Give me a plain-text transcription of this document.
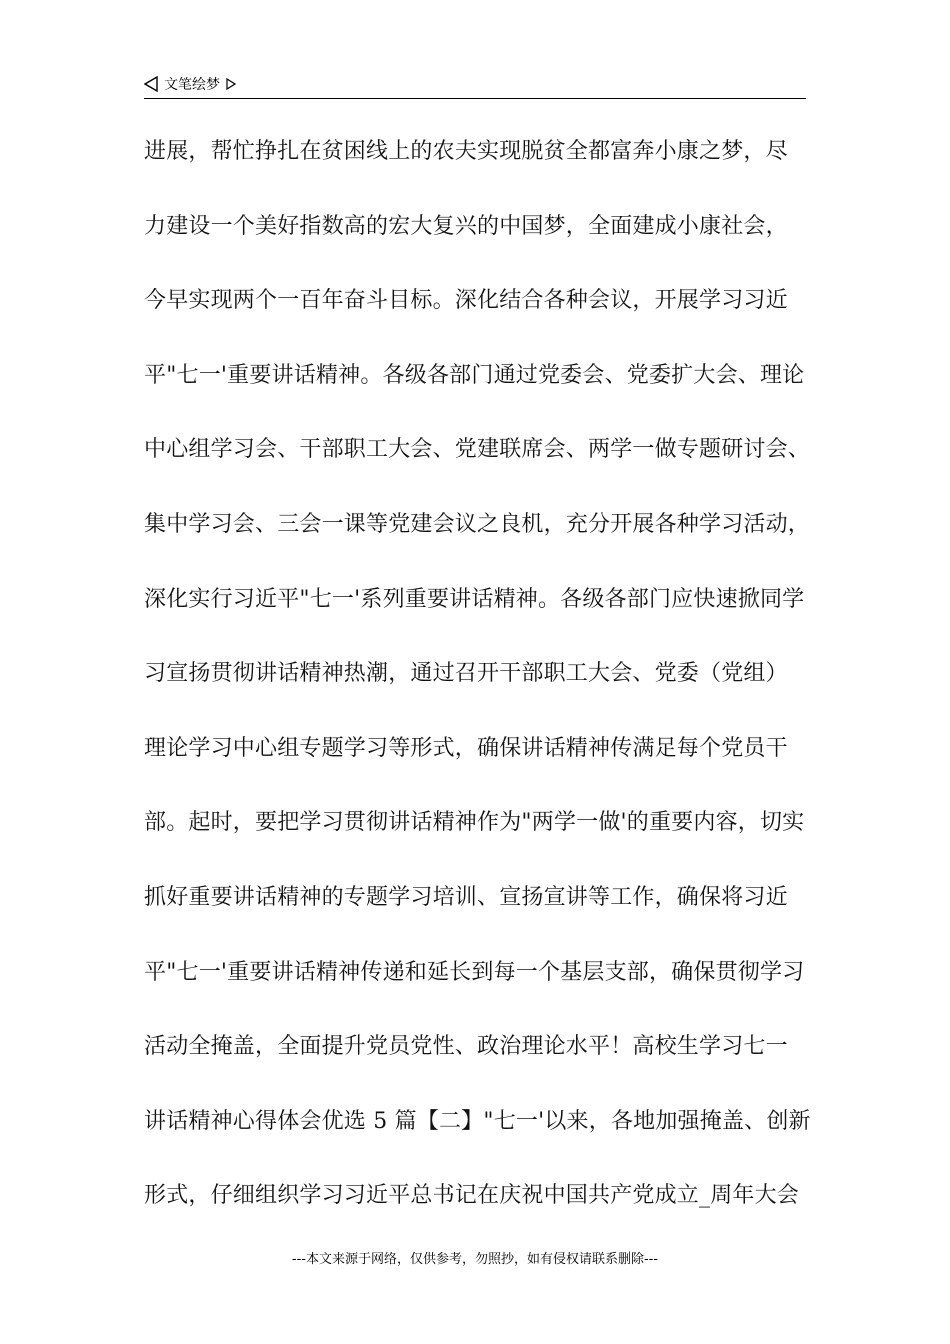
文笔绘梦
进展，帮忙挣扎在贫困线上的农夫实现脱贫全都富奔小康之梦，尽
力建设一个美好指数高的宏大复兴的中国梦，全面建成小康社会，
今早实现两个一百年奋斗目标。深化结合各种会议，开展学习习近
平"七一'重要讲话精神。各级各部门通过党委会、党委扩大会、理论
中心组学习会、干部职工大会、党建联席会、两学一做专题研讨会、
集中学习会、三会一课等党建会议之良机，充分开展各种学习活动，
深化实行习近平"七一'系列重要讲话精神。各级各部门应快速掀同学
习宣扬贯彻讲话精神热潮，通过召开干部职工大会、党委（党组）
理论学习中心组专题学习等形式，确保讲话精神传满足每个党员干
部。起时，要把学习贯彻讲话精神作为"两学一做'的重要内容，切实
抓好重要讲话精神的专题学习培训、宣扬宣讲等工作，确保将习近
平"七一'重要讲话精神传递和延长到每一个基层支部，确保贯彻学习
活动全掩盖，全面提升党员党性、政治理论水平！高校生学习七一
讲话精神心得体会优选 5 篇【二】"七一'以来，各地加强掩盖、创新
形式，仔细组织学习习近平总书记在庆祝中国共产党成立_周年大会
---本文来源于网络，仅供参考，勿照抄，如有侵权请联系删除---
